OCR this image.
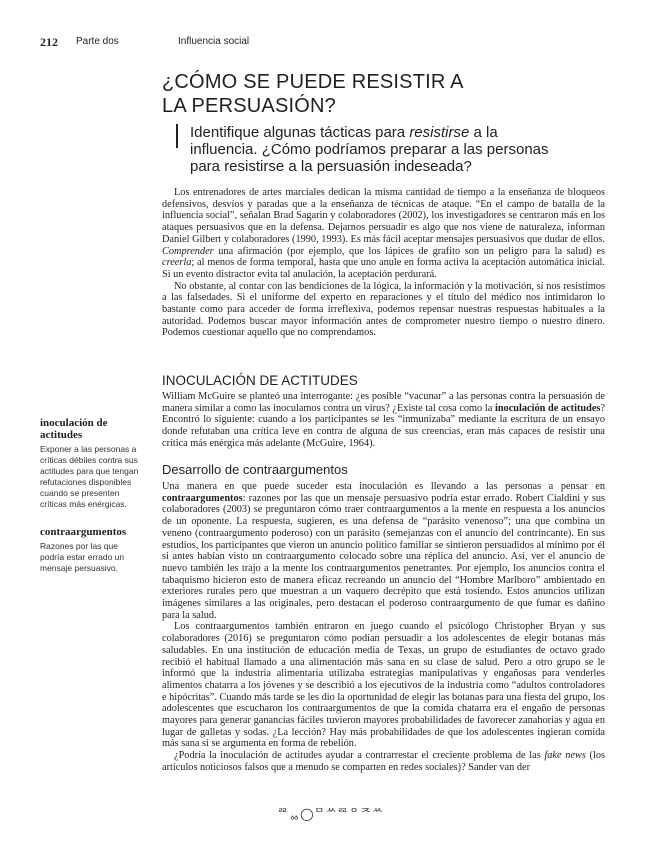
212 Parte dos	Influencia social
¿CÓMO SE PUEDE RESISTIR A
LA PERSUASIÓN?
Identifique algunas tácticas para resistirse a la
influencia. ¿Cómo podríamos preparar a las personas
para resistirse a la persuasión indeseada?

Los entrenadores de artes marciales dedican la misma cantidad de tiempo a la enseñanza de bloqueos defensivos, desvíos y paradas que a la enseñanza de técnicas de ataque. “En el campo de batalla de la influencia social”, señalan Brad Sagarin y colaboradores (2002), los investigadores se centraron más en los ataques persuasivos que en la defensa. Dejarnos persuadir es algo que nos viene de naturaleza, informan Daniel Gilbert y colaboradores (1990, 1993). Es más fácil aceptar mensajes persuasivos que dudar de ellos. Comprender una afirmación (por ejemplo, que los lápices de grafito son un peligro para la salud) es creerla; al menos de forma temporal, hasta que uno anule en forma activa la aceptación automática inicial. Si un evento distractor evita tal anulación, la aceptación perdurará.

No obstante, al contar con las bendiciones de la lógica, la información y la motivación, sí nos resistimos a las falsedades. Si el uniforme del experto en reparaciones y el título del médico nos intimidaron lo bastante como para acceder de forma irreflexiva, podemos repensar nuestras respuestas habituales a la autoridad. Podemos buscar mayor información antes de comprometer nuestro tiempo o nuestro dinero. Podemos cuestionar aquello que no comprendamos.

INOCULACIÓN DE ACTITUDES

William McGuire se planteó una interrogante: ¿es posible “vacunar” a las personas contra la persuasión de manera similar a como las inoculamos contra un virus? ¿Existe tal cosa como la inoculación de actitudes? Encontró lo siguiente: cuando a los participantes se les “inmunizaba” mediante la escritura de un ensayo donde refutaban una crítica leve en contra de alguna de sus creencias, eran más capaces de resistir una crítica más enérgica más adelante (McGuire, 1964).

Desarrollo de contraargumentos

Una manera en que puede suceder esta inoculación es llevando a las personas a pensar en contraargumentos: razones por las que un mensaje persuasivo podría estar errado. Robert Cialdini y sus colaboradores (2003) se preguntaron cómo traer contraargumentos a la mente en respuesta a los anuncios de un oponente. La respuesta, sugieren, es una defensa de “parásito venenoso”; una que combina un veneno (contraargumento poderoso) con un parásito (semejanzas con el anuncio del contrincante). En sus estudios, los participantes que vieron un anuncio político familiar se sintieron persuadidos al mínimo por él si antes habían visto un contraargumento colocado sobre una réplica del anuncio. Así, ver el anuncio de nuevo también les trajo a la mente los contraargumentos penetrantes. Por ejemplo, los anuncios contra el tabaquismo hicieron esto de manera eficaz recreando un anuncio del “Hombre Marlboro” ambientado en exteriores rurales pero que muestran a un vaquero decrépito que está tosiendo. Estos anuncios utilizan imágenes similares a las originales, pero destacan el poderoso contraargumento de que fumar es dañino para la salud.

Los contraargumentos también entraron en juego cuando el psicólogo Christopher Bryan y sus colaboradores (2016) se preguntaron cómo podían persuadir a los adolescentes de elegir botanas más saludables. En una institución de educación media de Texas, un grupo de estudiantes de octavo grado recibió el habitual llamado a una alimentación más sana en su clase de salud. Pero a otro grupo se le informó que la industria alimentaria utilizaba estrategias manipulativas y engañosas para venderles alimentos chatarra a los jóvenes y se describió a los ejecutivos de la industria como “adultos controladores e hipócritas”. Cuando más tarde se les dio la oportunidad de elegir las botanas para una fiesta del grupo, los adolescentes que escucharon los contraargumentos de que la comida chatarra era el engaño de personas mayores para generar ganancias fáciles tuvieron mayores probabilidades de favorecer zanahorias y agua en lugar de galletas y sodas. ¿La lección? Hay más probabilidades de que los adolescentes ingieran comida más sana si se argumenta en forma de rebelión.

¿Podría la inoculación de actitudes ayudar a contrarrestar el creciente problema de las fake news (los artículos noticiosos falsos que a menudo se comparten en redes sociales)? Sander van der

inoculación de actitudes
Exponer a las personas a críticas débiles contra sus actitudes para que tengan refutaciones disponibles cuando se presenten críticas más enérgicas.
contraargumentos
Razones por las que podría estar errado un mensaje persuasivo.
ᄙᇮ◯ᄆᄊᄙᄋᄌᄊ
